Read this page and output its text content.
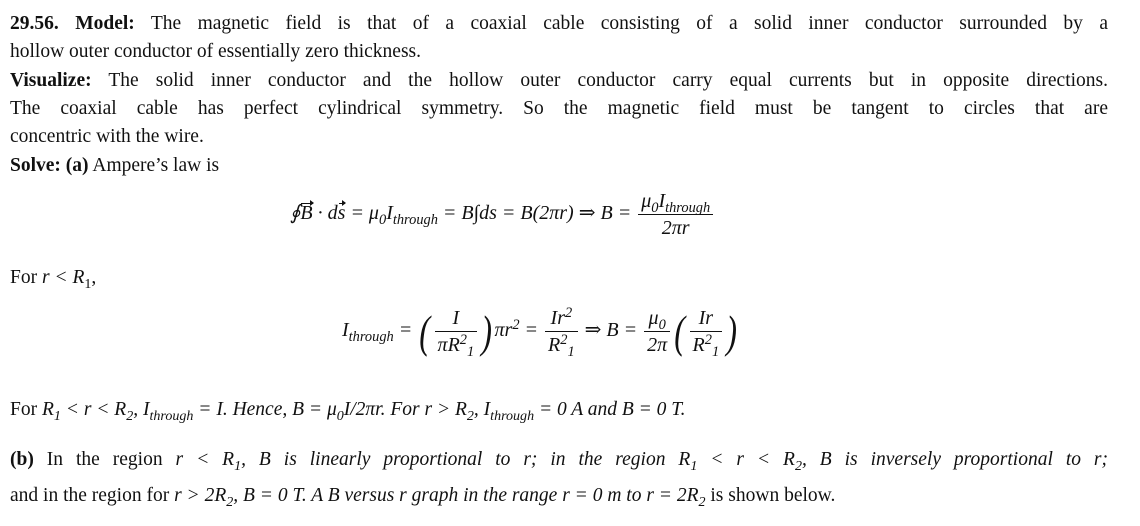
29.56. Model: The magnetic field is that of a coaxial cable consisting of a solid inner conductor surrounded by a
hollow outer conductor of essentially zero thickness.
Visualize: The solid inner conductor and the hollow outer conductor carry equal currents but in opposite directions.
The coaxial cable has perfect cylindrical symmetry. So the magnetic field must be tangent to circles that are
concentric with the wire.
Solve: (a) Ampere’s law is
∮B · ds = $\mu_0I_{through} = B\int ds = B(2\pi r)$ ⇒ $B = \frac{\mu_0I_{through}}{2\pi r}$
For $r < R_1$,
$I_{through}$ = ( $\frac{I}{\pi R^2_1}$ ) $\pi r^2 = \frac{Ir^2}{R^2_1}$ ⇒ $B = \frac{\mu_0}{2\pi}$ ( $\frac{Ir}{R^2_1}$ )
For $R_1 < r < R_2$, $I_{through} = I$. Hence, $B = \mu_0I/2\pi r$. For $r > R_2$, $I_{through} = 0$ A and B = 0 T.
(b) In the region $r < R_1$, B is linearly proportional to r; in the region $R_1 < r < R_2$, B is inversely proportional to r;
and in the region for $r > 2R_2$, B = 0 T. A B versus r graph in the range r = 0 m to $r = 2R_2$ is shown below.
